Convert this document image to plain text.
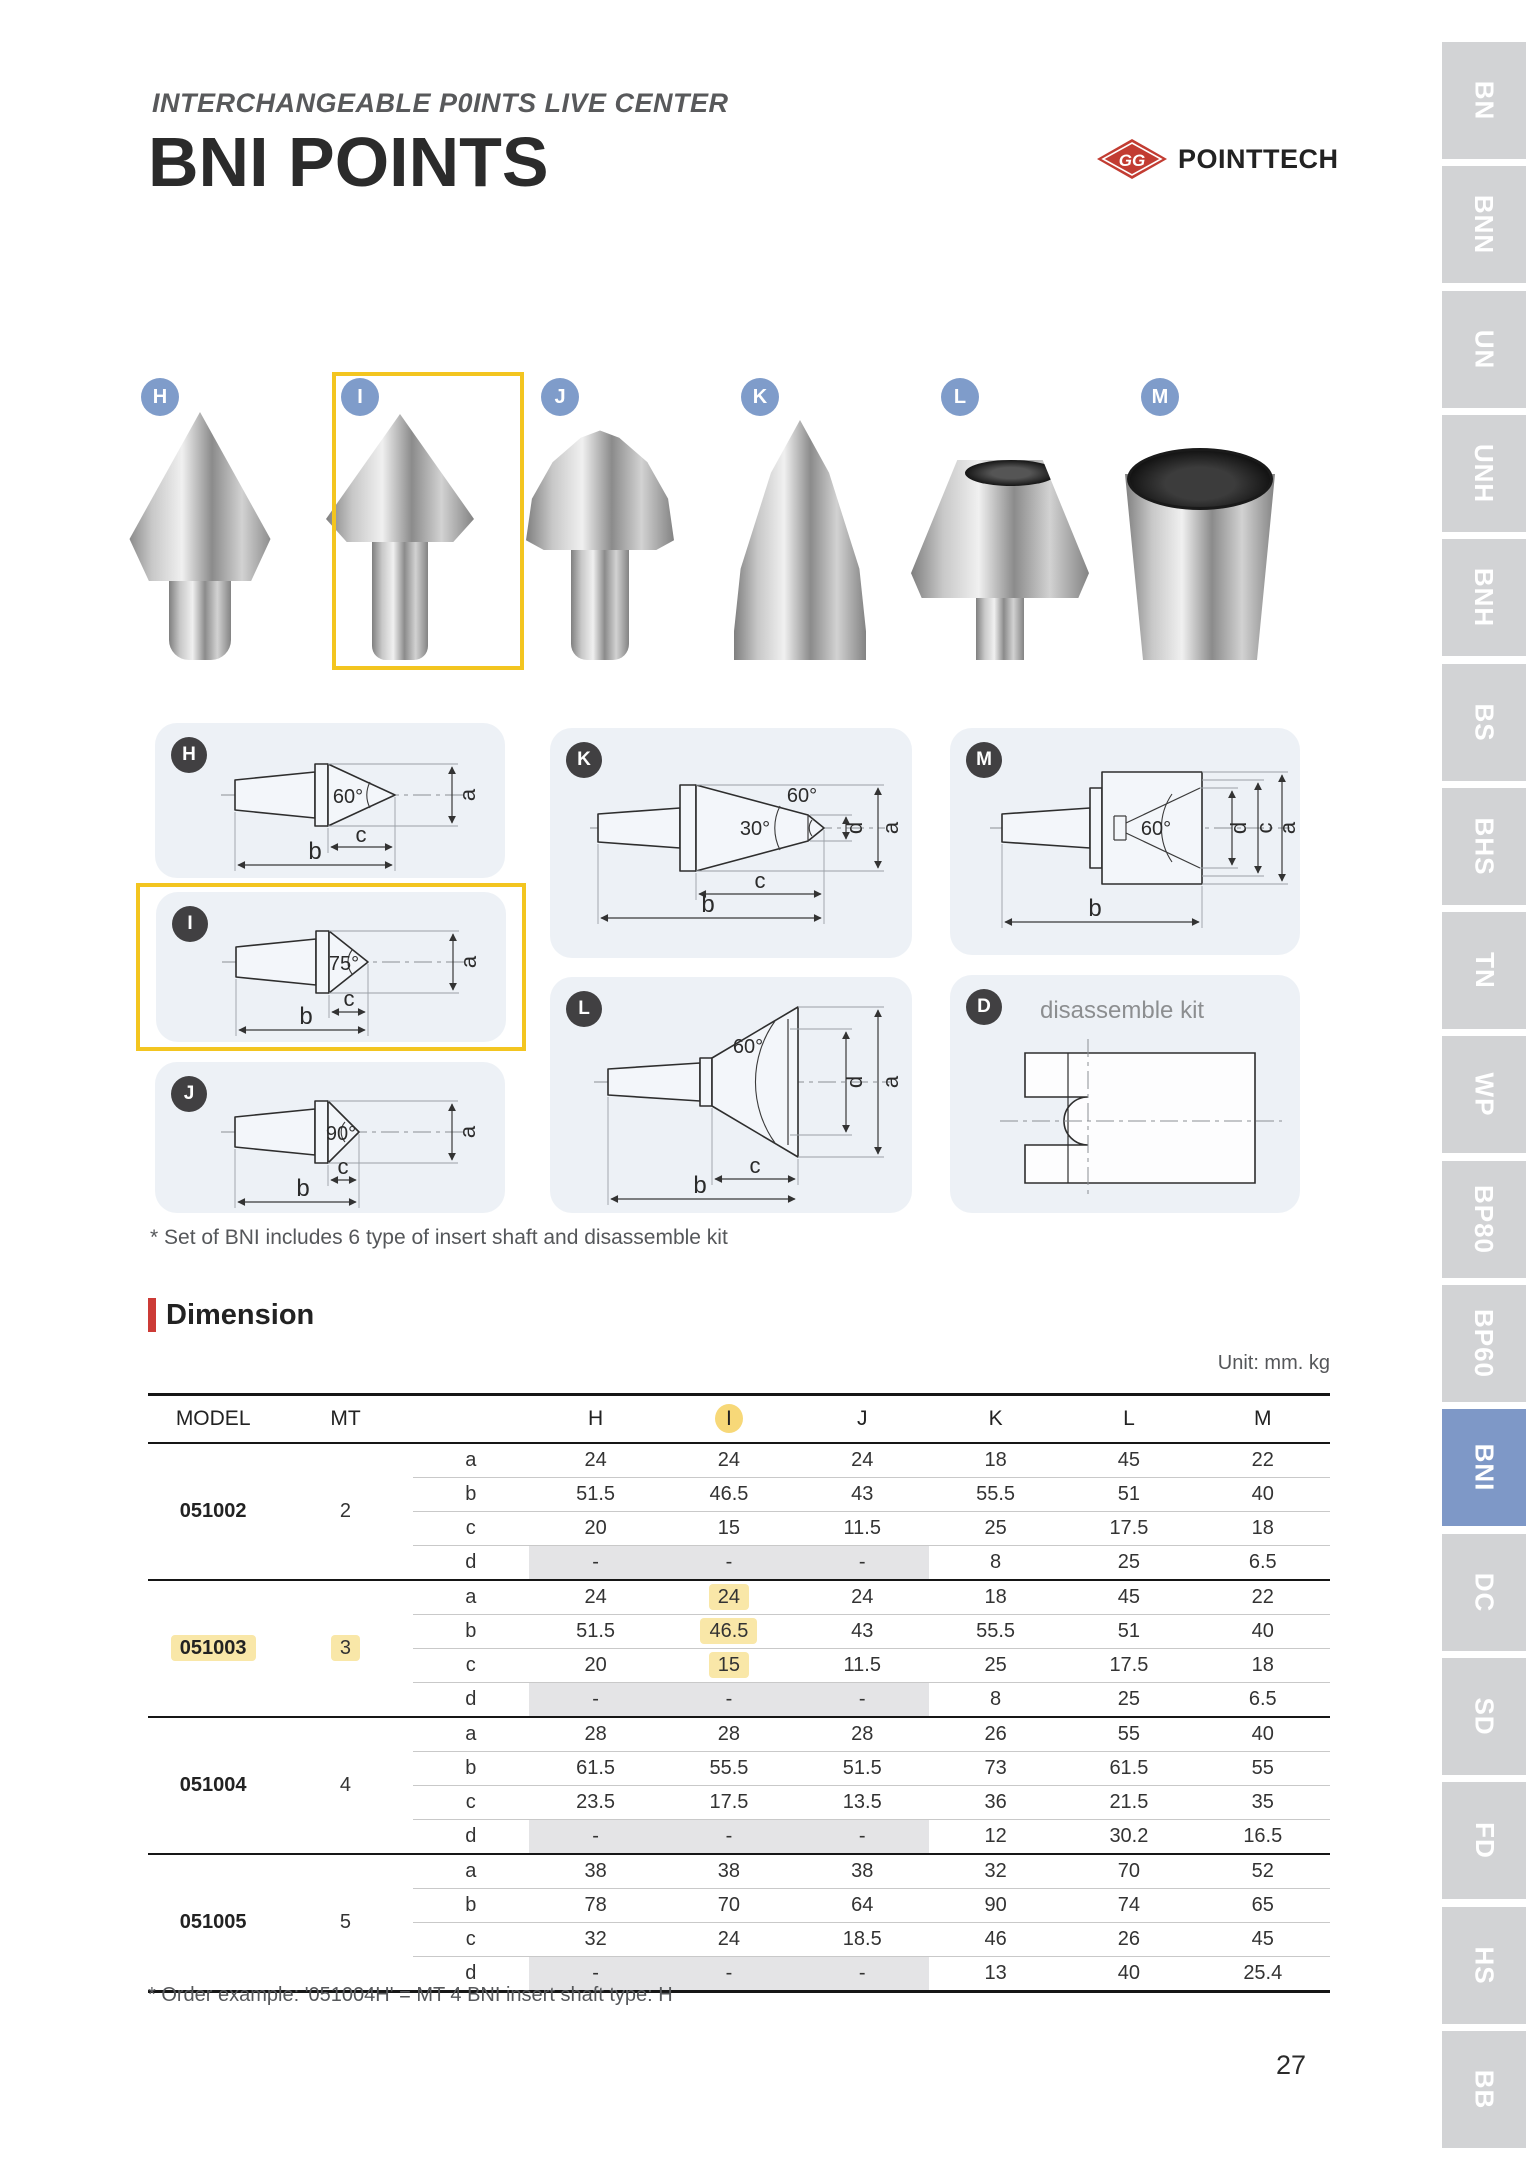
BN
BNN
UN
UNH
BNH
BS
BHS
TN
WP
BP80
BP60
BNI
DC
SD
FD
HS
BB
INTERCHANGEABLE P0INTS LIVE CENTER
BNI POINTS	GG POINTTECH
H	I	J	K	L	M
H
60°	a
c
b
I
75°	a
c
b
J
90°	a
c
b
K
30°
60°
d a
c
b
L
60°
d a
c
b
M
60° d c
a
b
D	disassemble kit
* Set of BNI includes 6 type of insert shaft and disassemble kit
Dimension
Unit: mm. kg
MODEL	MT		H	I	J	K	L	M
051002	2	a	24	24	24	18	45	22
		b	51.5	46.5	43	55.5	51	40
		c	20	15	11.5	25	17.5	18
		d	-	-	-	8	25	6.5
051003	3	a	24	24	24	18	45	22
		b	51.5	46.5	43	55.5	51	40
		c	20	15	11.5	25	17.5	18
		d	-	-	-	8	25	6.5
051004	4	a	28	28	28	26	55	40
		b	61.5	55.5	51.5	73	61.5	55
		c	23.5	17.5	13.5	36	21.5	35
		d	-	-	-	12	30.2	16.5
051005	5	a	38	38	38	32	70	52
		b	78	70	64	90	74	65
		c	32	24	18.5	46	26	45
		d	-	-	-	13	40	25.4
* Order example: '051004H' = MT 4 BNI insert shaft type: H
27
